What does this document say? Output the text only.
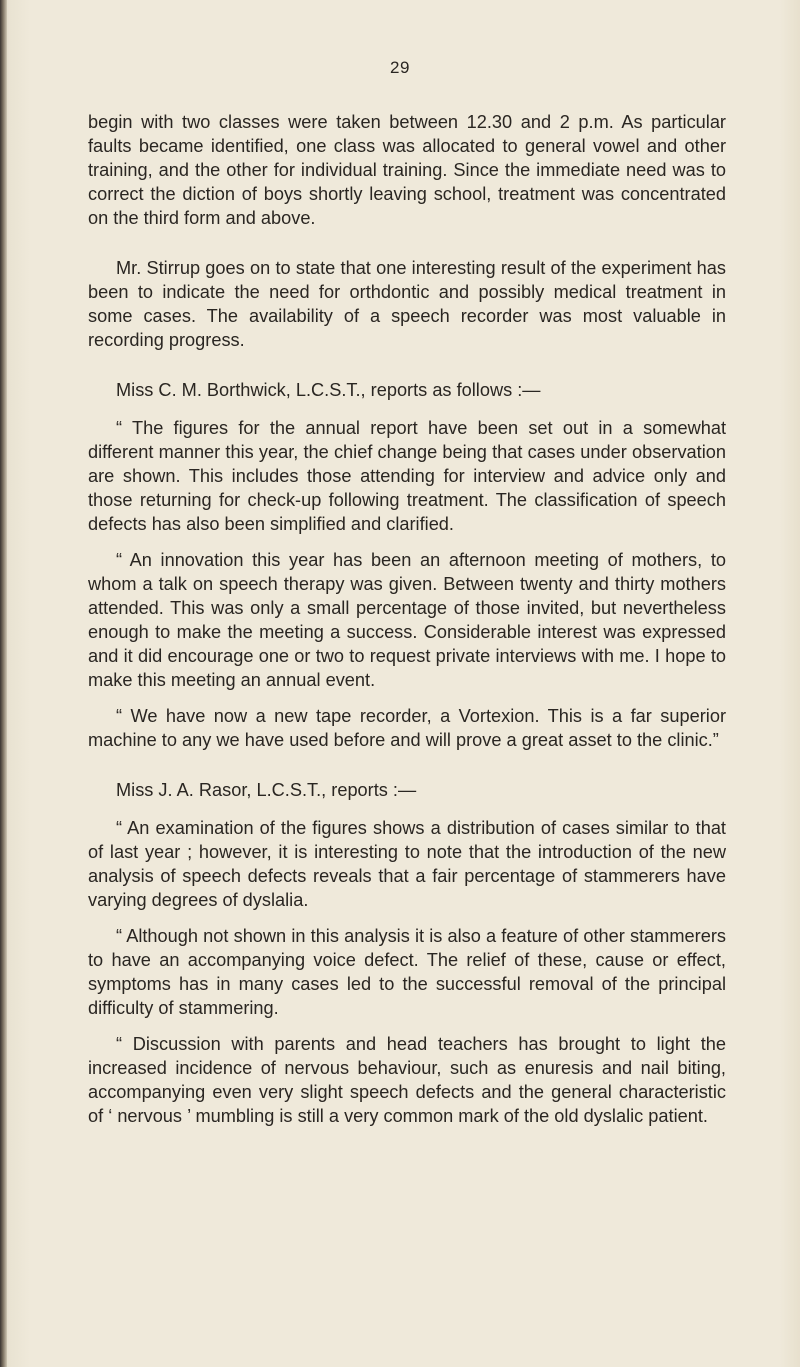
29

begin with two classes were taken between 12.30 and 2 p.m. As particular faults became identified, one class was allocated to general vowel and other training, and the other for individual training. Since the immediate need was to correct the diction of boys shortly leaving school, treatment was concentrated on the third form and above.

Mr. Stirrup goes on to state that one interesting result of the experiment has been to indicate the need for orthdontic and possibly medical treatment in some cases. The availability of a speech recorder was most valuable in recording progress.

Miss C. M. Borthwick, L.C.S.T., reports as follows :—

“ The figures for the annual report have been set out in a somewhat different manner this year, the chief change being that cases under observation are shown. This includes those attending for interview and advice only and those returning for check-up following treatment. The classification of speech defects has also been simplified and clarified.

“ An innovation this year has been an afternoon meeting of mothers, to whom a talk on speech therapy was given. Between twenty and thirty mothers attended. This was only a small percentage of those invited, but nevertheless enough to make the meeting a success. Considerable interest was expressed and it did encourage one or two to request private interviews with me. I hope to make this meeting an annual event.

“ We have now a new tape recorder, a Vortexion. This is a far superior machine to any we have used before and will prove a great asset to the clinic.”

Miss J. A. Rasor, L.C.S.T., reports :—

“ An examination of the figures shows a distribution of cases similar to that of last year ; however, it is interesting to note that the introduction of the new analysis of speech defects reveals that a fair percentage of stammerers have varying degrees of dyslalia.

“ Although not shown in this analysis it is also a feature of other stammerers to have an accompanying voice defect. The relief of these, cause or effect, symptoms has in many cases led to the successful removal of the principal difficulty of stammering.

“ Discussion with parents and head teachers has brought to light the increased incidence of nervous behaviour, such as enuresis and nail biting, accompanying even very slight speech defects and the general characteristic of ‘ nervous ’ mumbling is still a very common mark of the old dyslalic patient.
